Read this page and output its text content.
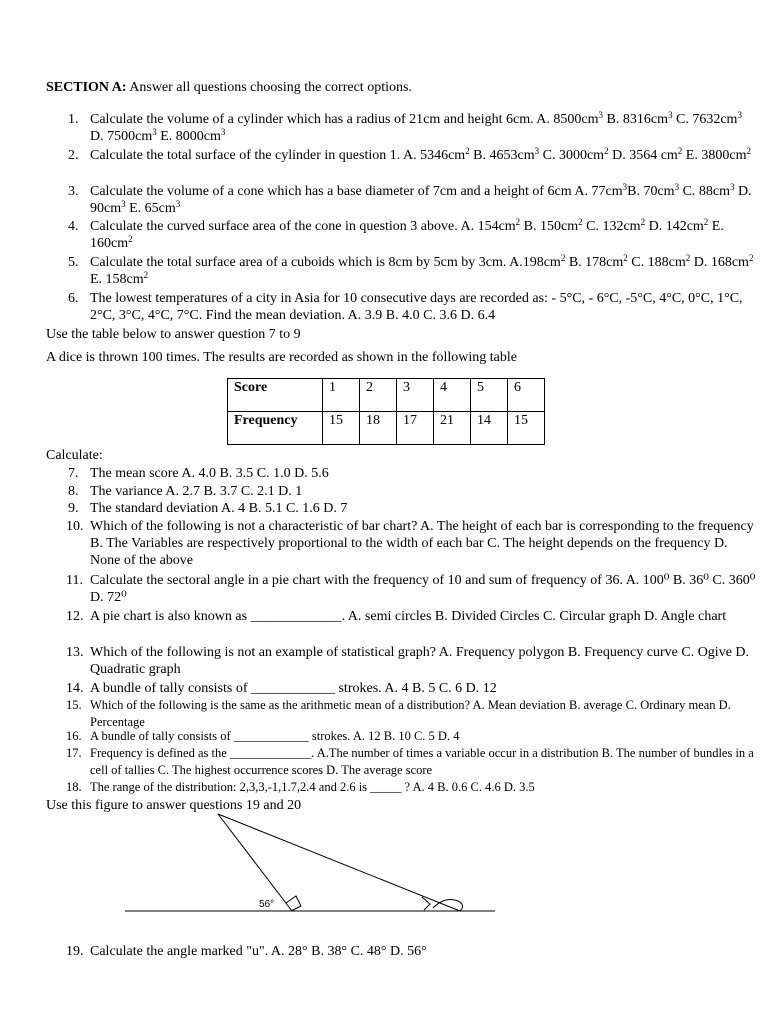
SECTION A: Answer all questions choosing the correct options.
1. Calculate the volume of a cylinder which has a radius of 21cm and height 6cm. A. $8500cm^3$ B. $8316cm^3$ C. $7632cm^3$ D. $7500cm^3$ E. $8000cm^3$
2. Calculate the total surface of the cylinder in question 1. A. $5346cm^2$ B. $4653cm^3$ C. $3000cm^2$ D. 3564 $cm^2$ E. $3800cm^2$
3. Calculate the volume of a cone which has a base diameter of 7cm and a height of 6cm A. $77cm^3B$. $70cm^3$ C. $88cm^3$ D. $90cm^3$ E. $65cm^3$
4. Calculate the curved surface area of the cone in question 3 above. A. $154cm^2$ B. $150cm^2$ C. $132cm^2$ D. $142cm^2$ E. $160cm^2$
5. Calculate the total surface area of a cuboids which is 8cm by 5cm by 3cm. $A.198cm^2$ B. $178cm^2$ C. $188cm^2$ D. $168cm^2$ E. $158cm^2$
6. The lowest temperatures of a city in Asia for 10 consecutive days are recorded as: - 5°C, - 6°C, -5°C, 4°C, 0°C, 1°C, 2°C, 3°C, 4°C, 7°C. Find the mean deviation. A. 3.9 B. 4.0 C. 3.6 D. 6.4
Use the table below to answer question 7 to 9
A dice is thrown 100 times. The results are recorded as shown in the following table
Score	1	2	3	4	5	6
Frequency	15	18	17	21	14	15
Calculate:
7. The mean score A. 4.0 B. 3.5 C. 1.0 D. 5.6
8. The variance A. 2.7 B. 3.7 C. 2.1 D. 1
9. The standard deviation A. 4 B. 5.1 C. 1.6 D. 7
10. Which of the following is not a characteristic of bar chart? A. The height of each bar is corresponding to the frequency B. The Variables are respectively proportional to the width of each bar C. The height depends on the frequency D. None of the above
11. Calculate the sectoral angle in a pie chart with the frequency of 10 and sum of frequency of 36. A. 100⁰ B. 36⁰ C. 360⁰ D. 72⁰
12. A pie chart is also known as _____________. A. semi circles B. Divided Circles C. Circular graph D. Angle chart
13. Which of the following is not an example of statistical graph? A. Frequency polygon B. Frequency curve C. Ogive D. Quadratic graph
14. A bundle of tally consists of ____________ strokes. A. 4 B. 5 C. 6 D. 12
15. Which of the following is the same as the arithmetic mean of a distribution? A. Mean deviation B. average C. Ordinary mean D. Percentage
16. A bundle of tally consists of ____________ strokes. A. 12 B. 10 C. 5 D. 4
17. Frequency is defined as the _____________. A.The number of times a variable occur in a distribution B. The number of bundles in a cell of tallies C. The highest occurrence scores D. The average score
18. The range of the distribution: 2,3,3,-1,1.7,2.4 and 2.6 is _____ ? A. 4 B. 0.6 C. 4.6 D. 3.5
Use this figure to answer questions 19 and 20
56°
19. Calculate the angle marked "u". A. 28° B. 38° C. 48° D. 56°
